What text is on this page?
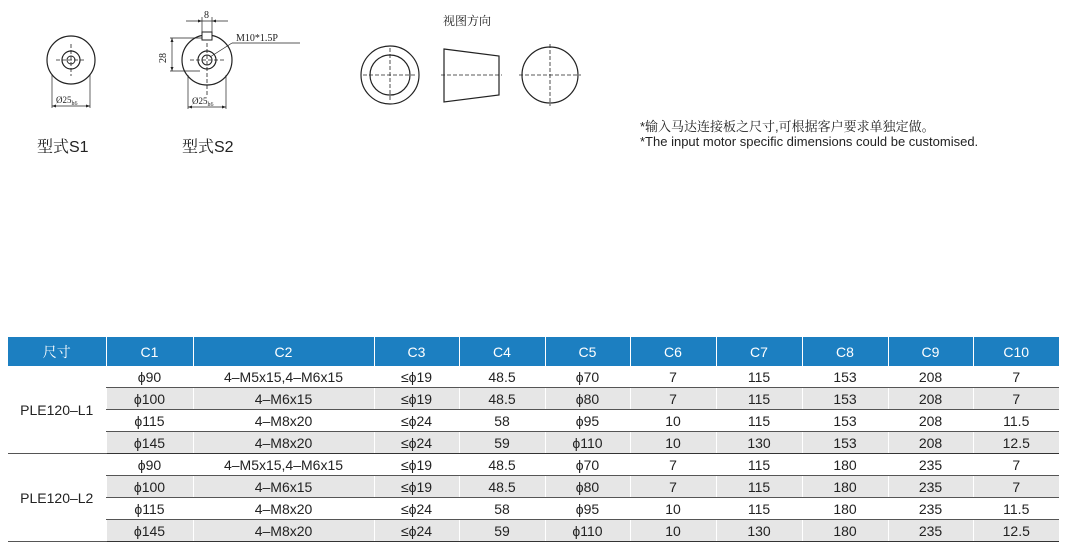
$Ø25_{h6}$
型式S1
8
28
M10*1.5P
$Ø25_{h6}$
型式S2
视图方向
*输入马达连接板之尺寸,可根据客户要求单独定做。
*The input motor specific dimensions could be customised.
尺寸	C1	C2	C3	C4	C5	C6	C7	C8	C9	C10
PLE120–L1	ϕ90	4–M5x15,4–M6x15	≤ϕ19	48.5	ϕ70	7	115	153	208	7
	ϕ100	4–M6x15	≤ϕ19	48.5	ϕ80	7	115	153	208	7
	ϕ115	4–M8x20	≤ϕ24	58	ϕ95	10	115	153	208	11.5
	ϕ145	4–M8x20	≤ϕ24	59	ϕ110	10	130	153	208	12.5
PLE120–L2	ϕ90	4–M5x15,4–M6x15	≤ϕ19	48.5	ϕ70	7	115	180	235	7
	ϕ100	4–M6x15	≤ϕ19	48.5	ϕ80	7	115	180	235	7
	ϕ115	4–M8x20	≤ϕ24	58	ϕ95	10	115	180	235	11.5
	ϕ145	4–M8x20	≤ϕ24	59	ϕ110	10	130	180	235	12.5
